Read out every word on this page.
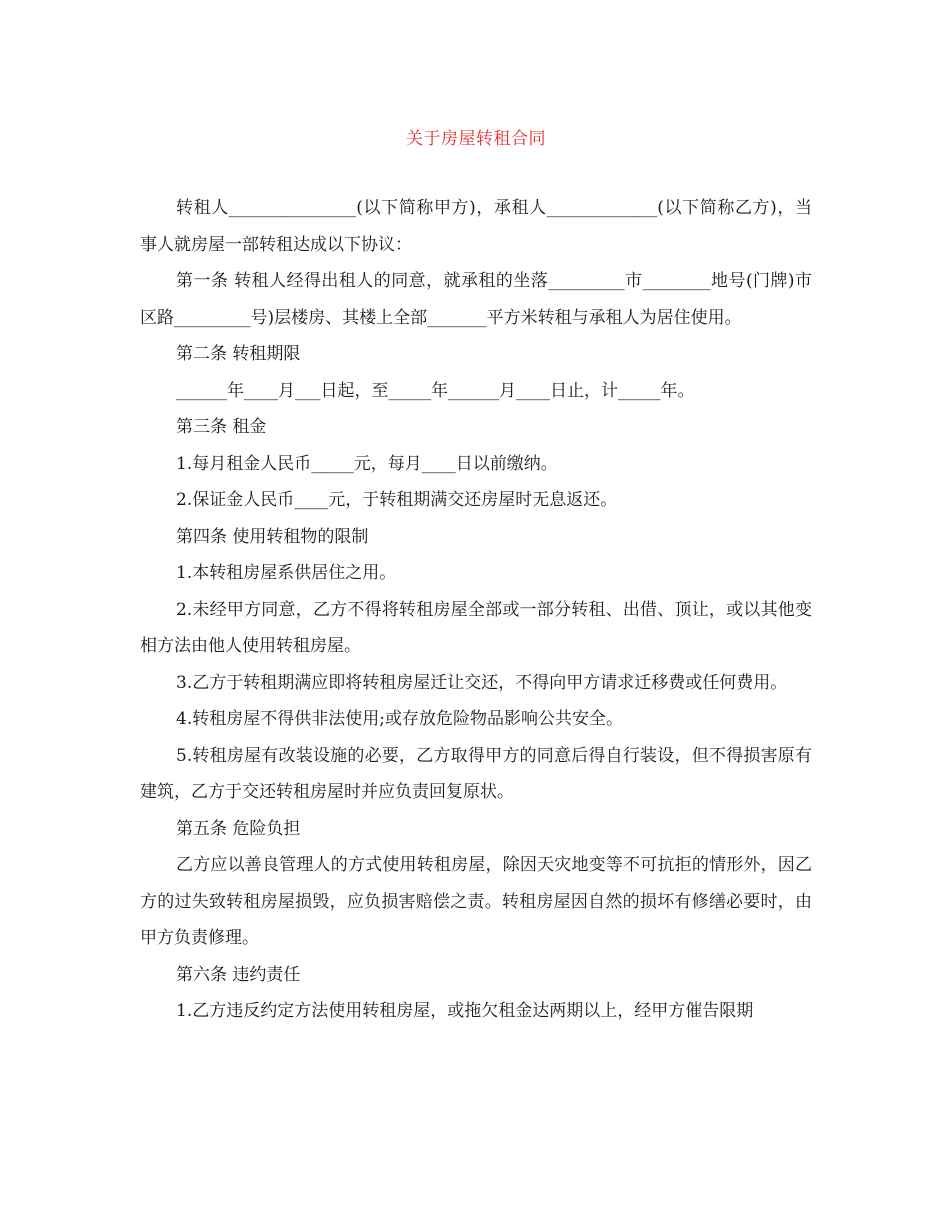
关于房屋转租合同

转租人_______________(以下简称甲方)，承租人_____________(以下简称乙方)，当事人就房屋一部转租达成以下协议：

第一条 转租人经得出租人的同意，就承租的坐落_________市________地号(门牌)市区路_________号)层楼房、其楼上全部_______平方米转租与承租人为居住使用。

第二条 转租期限

______年____月___日起，至_____年______月____日止，计_____年。

第三条 租金

1.每月租金人民币_____元，每月____日以前缴纳。

2.保证金人民币____元，于转租期满交还房屋时无息返还。

第四条 使用转租物的限制

1.本转租房屋系供居住之用。

2.未经甲方同意，乙方不得将转租房屋全部或一部分转租、出借、顶让，或以其他变相方法由他人使用转租房屋。

3.乙方于转租期满应即将转租房屋迁让交还，不得向甲方请求迁移费或任何费用。

4.转租房屋不得供非法使用;或存放危险物品影响公共安全。

5.转租房屋有改装设施的必要，乙方取得甲方的同意后得自行装设，但不得损害原有建筑，乙方于交还转租房屋时并应负责回复原状。

第五条 危险负担

乙方应以善良管理人的方式使用转租房屋，除因天灾地变等不可抗拒的情形外，因乙方的过失致转租房屋损毁，应负损害赔偿之责。转租房屋因自然的损坏有修缮必要时，由甲方负责修理。

第六条 违约责任

1.乙方违反约定方法使用转租房屋，或拖欠租金达两期以上，经甲方催告限期
